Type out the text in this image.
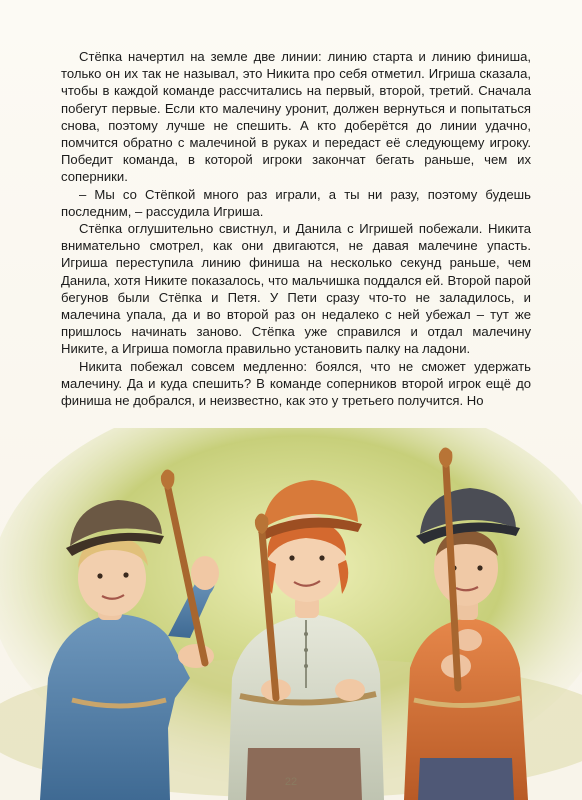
Стёпка начертил на земле две линии: линию старта и линию финиша, только он их так не называл, это Никита про себя отметил. Игриша сказала, чтобы в каждой команде рассчитались на первый, второй, третий. Сначала побегут первые. Если кто малечину уронит, должен вернуться и попытаться снова, поэтому лучше не спешить. А кто доберётся до линии удачно, помчится обратно с малечиной в руках и передаст её следующему игроку. Победит команда, в которой игроки закончат бегать раньше, чем их соперники.

– Мы со Стёпкой много раз играли, а ты ни разу, поэтому будешь последним, – рассудила Игриша.

Стёпка оглушительно свистнул, и Данила с Игришей побежали. Никита внимательно смотрел, как они двигаются, не давая малечине упасть. Игриша переступила линию финиша на несколько секунд раньше, чем Данила, хотя Никите показалось, что мальчишка поддался ей. Второй парой бегунов были Стёпка и Петя. У Пети сразу что-то не заладилось, и малечина упала, да и во второй раз он недалеко с ней убежал – тут же пришлось начинать заново. Стёпка уже справился и отдал малечину Никите, а Игриша помогла правильно установить палку на ладони.

Никита побежал совсем медленно: боялся, что не сможет удержать малечину. Да и куда спешить? В команде соперников второй игрок ещё до финиша не добрался, и неизвестно, как это у третьего получится. Но

22
